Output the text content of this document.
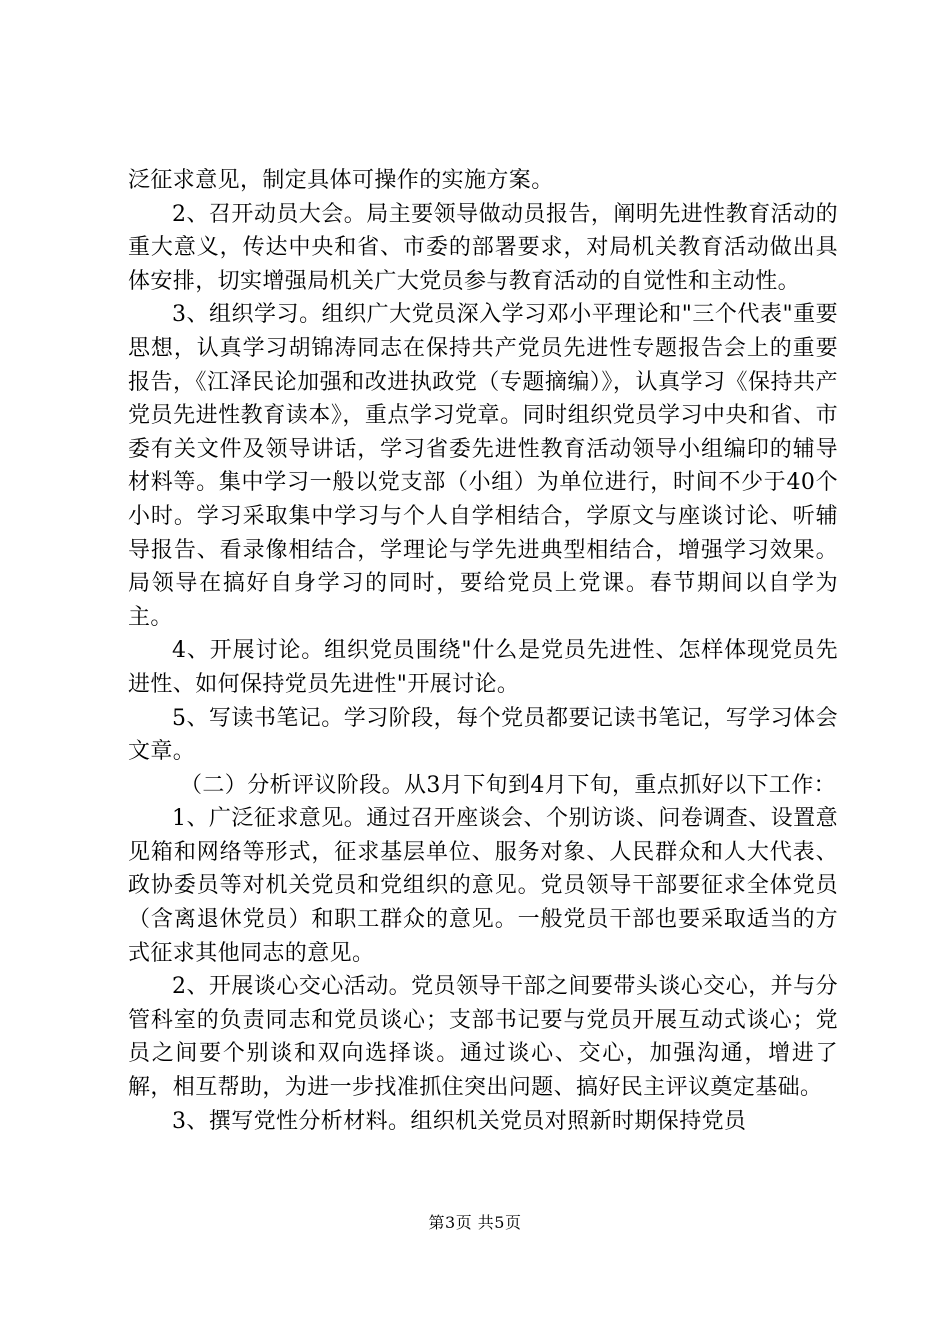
泛征求意见，制定具体可操作的实施方案。

2、召开动员大会。局主要领导做动员报告，阐明先进性教育活动的重大意义，传达中央和省、市委的部署要求，对局机关教育活动做出具体安排，切实增强局机关广大党员参与教育活动的自觉性和主动性。

3、组织学习。组织广大党员深入学习邓小平理论和"三个代表"重要思想，认真学习胡锦涛同志在保持共产党员先进性专题报告会上的重要报告，《江泽民论加强和改进执政党（专题摘编）》，认真学习《保持共产党员先进性教育读本》，重点学习党章。同时组织党员学习中央和省、市委有关文件及领导讲话，学习省委先进性教育活动领导小组编印的辅导材料等。集中学习一般以党支部（小组）为单位进行，时间不少于40个小时。学习采取集中学习与个人自学相结合，学原文与座谈讨论、听辅导报告、看录像相结合，学理论与学先进典型相结合，增强学习效果。局领导在搞好自身学习的同时，要给党员上党课。春节期间以自学为主。

4、开展讨论。组织党员围绕"什么是党员先进性、怎样体现党员先进性、如何保持党员先进性"开展讨论。

5、写读书笔记。学习阶段，每个党员都要记读书笔记，写学习体会文章。

（二）分析评议阶段。从3月下旬到4月下旬，重点抓好以下工作：

1、广泛征求意见。通过召开座谈会、个别访谈、问卷调查、设置意见箱和网络等形式，征求基层单位、服务对象、人民群众和人大代表、政协委员等对机关党员和党组织的意见。党员领导干部要征求全体党员（含离退休党员）和职工群众的意见。一般党员干部也要采取适当的方式征求其他同志的意见。

2、开展谈心交心活动。党员领导干部之间要带头谈心交心，并与分管科室的负责同志和党员谈心；支部书记要与党员开展互动式谈心；党员之间要个别谈和双向选择谈。通过谈心、交心，加强沟通，增进了解，相互帮助，为进一步找准抓住突出问题、搞好民主评议奠定基础。

3、撰写党性分析材料。组织机关党员对照新时期保持党员

第3页 共5页
